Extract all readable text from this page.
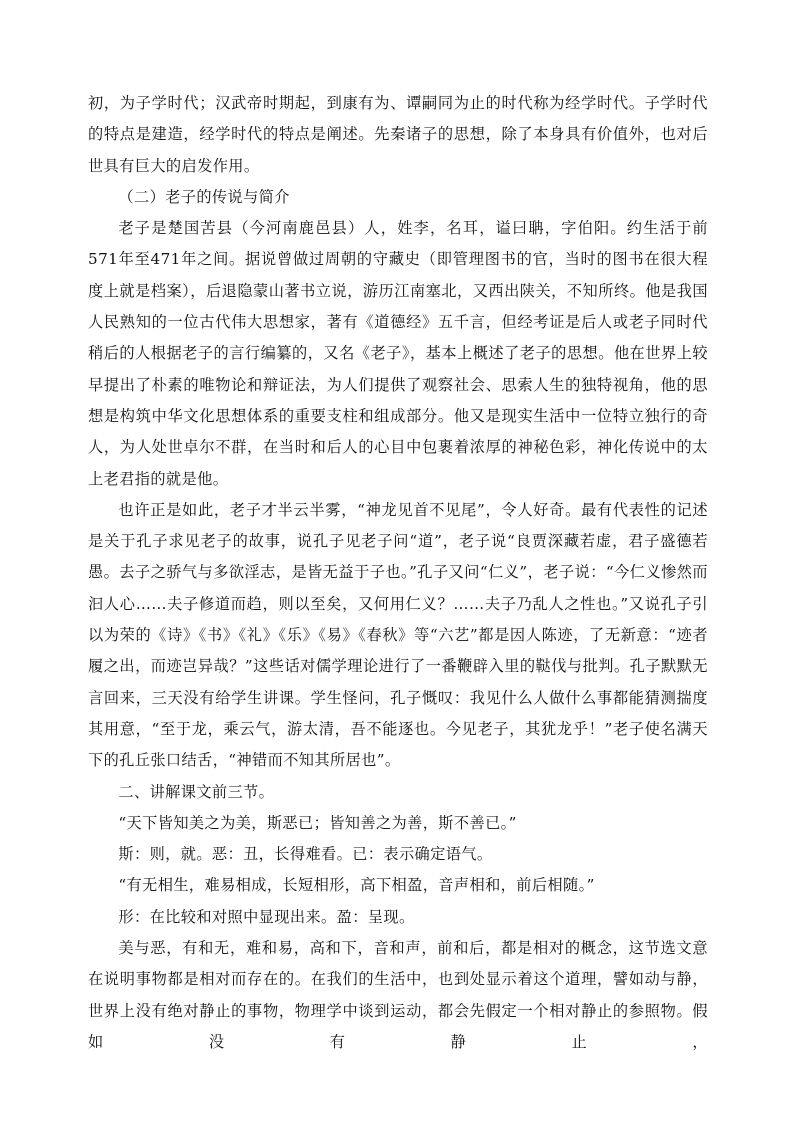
初，为子学时代；汉武帝时期起，到康有为、谭嗣同为止的时代称为经学时代。子学时代的特点是建造，经学时代的特点是阐述。先秦诸子的思想，除了本身具有价值外，也对后世具有巨大的启发作用。

（二）老子的传说与简介

老子是楚国苦县（今河南鹿邑县）人，姓李，名耳，谥曰聃，字伯阳。约生活于前571年至471年之间。据说曾做过周朝的守藏史（即管理图书的官，当时的图书在很大程度上就是档案），后退隐蒙山著书立说，游历江南塞北，又西出陕关，不知所终。他是我国人民熟知的一位古代伟大思想家，著有《道德经》五千言，但经考证是后人或老子同时代稍后的人根据老子的言行编纂的，又名《老子》，基本上概述了老子的思想。他在世界上较早提出了朴素的唯物论和辩证法，为人们提供了观察社会、思索人生的独特视角，他的思想是构筑中华文化思想体系的重要支柱和组成部分。他又是现实生活中一位特立独行的奇人，为人处世卓尔不群，在当时和后人的心目中包裹着浓厚的神秘色彩，神化传说中的太上老君指的就是他。

也许正是如此，老子才半云半雾，“神龙见首不见尾”，令人好奇。最有代表性的记述是关于孔子求见老子的故事，说孔子见老子问“道”，老子说“良贾深藏若虚，君子盛德若愚。去子之骄气与多欲淫志，是皆无益于子也。”孔子又问“仁义”，老子说：“今仁义惨然而汩人心……夫子修道而趋，则以至矣，又何用仁义？……夫子乃乱人之性也。”又说孔子引以为荣的《诗》《书》《礼》《乐》《易》《春秋》等“六艺”都是因人陈迹，了无新意：“迹者履之出，而迹岂异哉？”这些话对儒学理论进行了一番鞭辟入里的鞑伐与批判。孔子默默无言回来，三天没有给学生讲课。学生怪问，孔子慨叹：我见什么人做什么事都能猜测揣度其用意，“至于龙，乘云气，游太清，吾不能逐也。今见老子，其犹龙乎！”老子使名满天下的孔丘张口结舌，“神错而不知其所居也”。

二、讲解课文前三节。

“天下皆知美之为美，斯恶已；皆知善之为善，斯不善已。”

斯：则，就。恶：丑，长得难看。已：表示确定语气。

“有无相生，难易相成，长短相形，高下相盈，音声相和，前后相随。”

形：在比较和对照中显现出来。盈：呈现。

美与恶，有和无，难和易，高和下，音和声，前和后，都是相对的概念，这节选文意在说明事物都是相对而存在的。在我们的生活中，也到处显示着这个道理，譬如动与静，世界上没有绝对静止的事物，物理学中谈到运动，都会先假定一个相对静止的参照物。假如没有静止，
